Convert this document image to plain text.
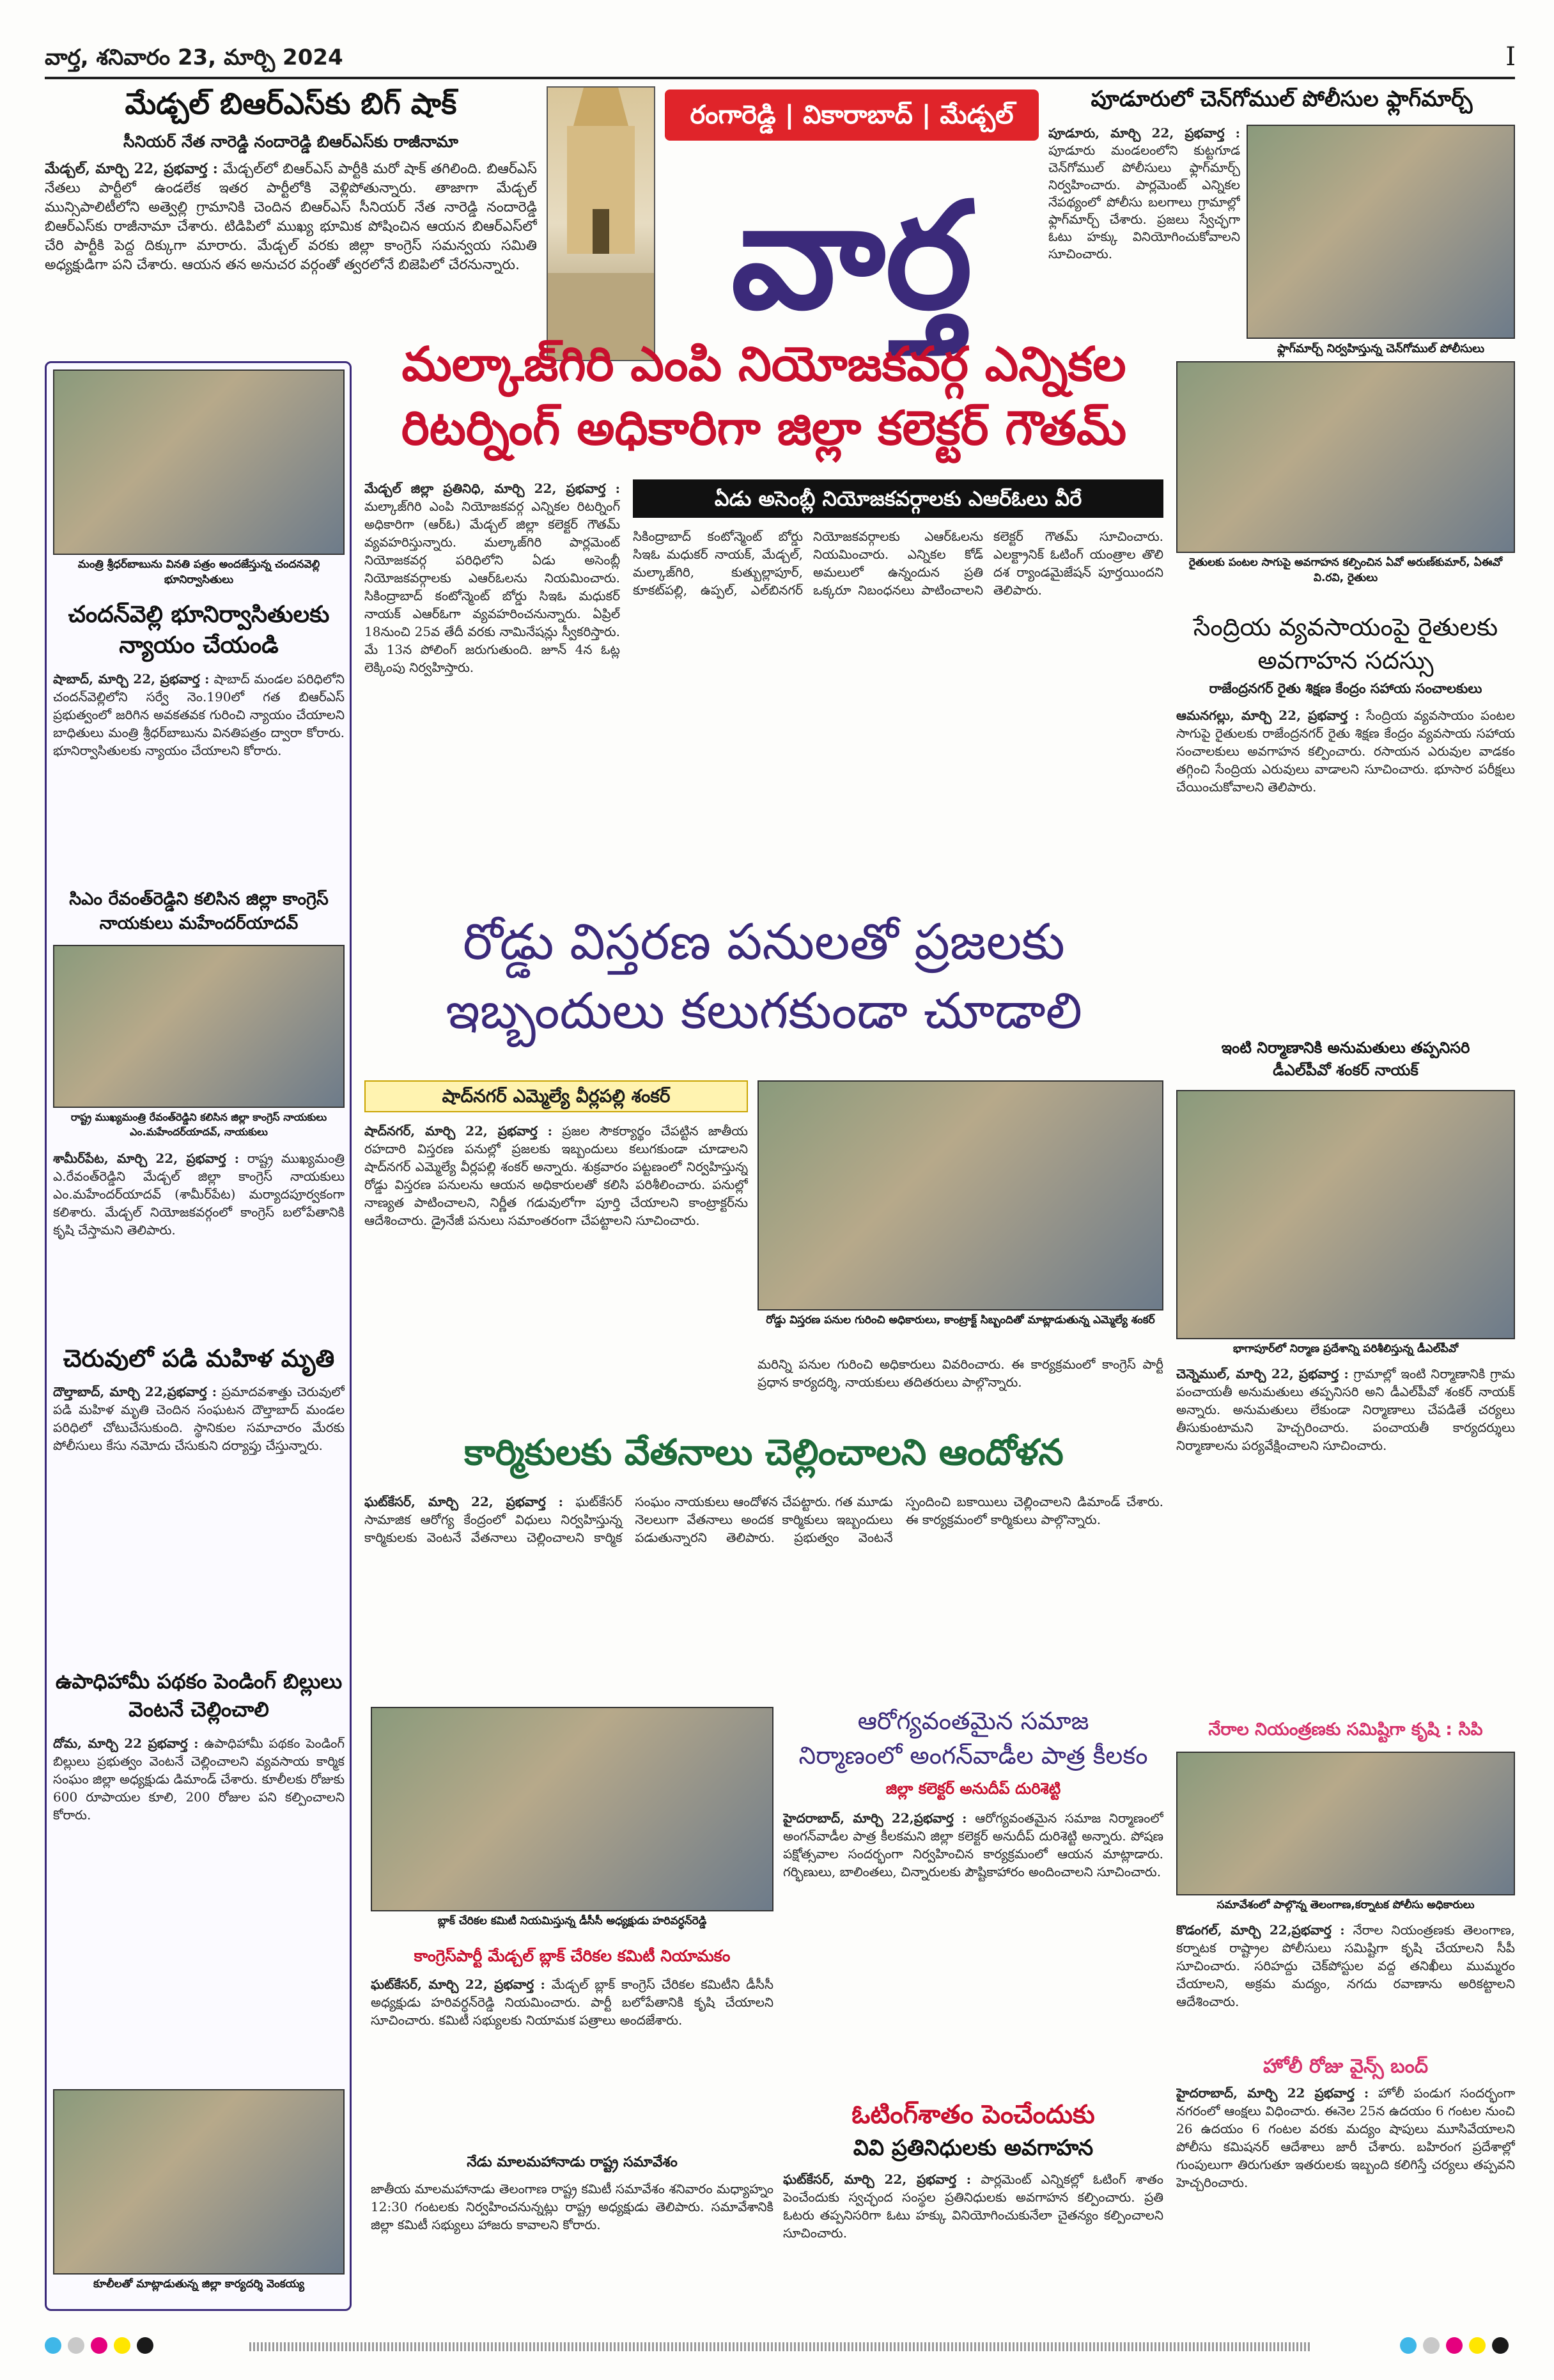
వార్త, శనివారం 23, మార్చి 2024	I
మేడ్చల్ బిఆర్‌ఎస్‌కు బిగ్ షాక్
సీనియర్ నేత నారెడ్డి నందారెడ్డి బిఆర్‌ఎస్‌కు రాజీనామా
మేడ్చల్, మార్చి 22, ప్రభవార్త : మేడ్చల్‌లో బిఆర్‌ఎస్ పార్టీకి మరో షాక్ తగిలింది. బిఆర్‌ఎస్ నేతలు పార్టీలో ఉండలేక ఇతర పార్టీలోకి వెళ్లిపోతున్నారు. తాజాగా మేడ్చల్ మున్సిపాలిటీలోని అత్వెల్లి గ్రామానికి చెందిన బిఆర్‌ఎస్ సీనియర్ నేత నారెడ్డి నందారెడ్డి బిఆర్‌ఎస్‌కు రాజీనామా చేశారు. టిడిపిలో ముఖ్య భూమిక పోషించిన ఆయన బిఆర్‌ఎస్‌లో చేరి పార్టీకి పెద్ద దిక్కుగా మారారు. మేడ్చల్ వరకు జిల్లా కాంగ్రెస్ సమన్వయ సమితి అధ్యక్షుడిగా పని చేశారు. ఆయన తన అనుచర వర్గంతో త్వరలోనే బిజెపిలో చేరనున్నారు.
రంగారెడ్డి | వికారాబాద్ | మేడ్చల్
వార్త
పూడూరులో చెన్‌గోముల్ పోలీసుల ఫ్లాగ్‌మార్చ్
పూడూరు, మార్చి 22, ప్రభవార్త : పూడూరు మండలంలోని కుట్టగూడ చెన్‌గోముల్ పోలీసులు ఫ్లాగ్‌మార్చ్ నిర్వహించారు. పార్లమెంట్ ఎన్నికల నేపథ్యంలో పోలీసు బలగాలు గ్రామాల్లో ఫ్లాగ్‌మార్చ్ చేశారు. ప్రజలు స్వేచ్ఛగా ఓటు హక్కు వినియోగించుకోవాలని సూచించారు.
ఫ్లాగ్‌మార్చ్ నిర్వహిస్తున్న చెన్‌గోముల్ పోలీసులు
మంత్రి శ్రీధర్‌బాబును వినతి పత్రం అందజేస్తున్న చందనవెల్లి భూనిర్వాసితులు
చందన్‌వెల్లి భూనిర్వాసితులకు న్యాయం చేయండి
షాబాద్, మార్చి 22, ప్రభవార్త : షాబాద్ మండల పరిధిలోని చందన్‌వెల్లిలోని సర్వే నెం.190లో గత బిఆర్‌ఎస్ ప్రభుత్వంలో జరిగిన అవకతవక గురించి న్యాయం చేయాలని బాధితులు మంత్రి శ్రీధర్‌బాబును వినతిపత్రం ద్వారా కోరారు. భూనిర్వాసితులకు న్యాయం చేయాలని కోరారు.
సిఎం రేవంత్‌రెడ్డిని కలిసిన జిల్లా కాంగ్రెస్ నాయకులు మహేందర్‌యాదవ్
రాష్ట్ర ముఖ్యమంత్రి రేవంత్‌రెడ్డిని కలిసిన జిల్లా కాంగ్రెస్ నాయకులు ఎం.మహేందర్‌యాదవ్, నాయకులు
శామీర్‌పేట, మార్చి 22, ప్రభవార్త : రాష్ట్ర ముఖ్యమంత్రి ఎ.రేవంత్‌రెడ్డిని మేడ్చల్ జిల్లా కాంగ్రెస్ నాయకులు ఎం.మహేందర్‌యాదవ్ (శామీర్‌పేట) మర్యాదపూర్వకంగా కలిశారు. మేడ్చల్ నియోజకవర్గంలో కాంగ్రెస్ బలోపేతానికి కృషి చేస్తామని తెలిపారు.
చెరువులో పడి మహిళ మృతి
దౌల్తాబాద్, మార్చి 22,ప్రభవార్త : ప్రమాదవశాత్తు చెరువులో పడి మహిళ మృతి చెందిన సంఘటన దౌల్తాబాద్ మండల పరిధిలో చోటుచేసుకుంది. స్థానికుల సమాచారం మేరకు పోలీసులు కేసు నమోదు చేసుకుని దర్యాప్తు చేస్తున్నారు.
ఉపాధిహామీ పథకం పెండింగ్ బిల్లులు వెంటనే చెల్లించాలి
దోమ, మార్చి 22 ప్రభవార్త : ఉపాధిహామీ పథకం పెండింగ్ బిల్లులు ప్రభుత్వం వెంటనే చెల్లించాలని వ్యవసాయ కార్మిక సంఘం జిల్లా అధ్యక్షుడు డిమాండ్ చేశారు. కూలీలకు రోజుకు 600 రూపాయల కూలి, 200 రోజుల పని కల్పించాలని కోరారు.
కూలీలతో మాట్లాడుతున్న జిల్లా కార్యదర్శి వెంకయ్య
మల్కాజ్‌గిరి ఎంపి నియోజకవర్గ ఎన్నికల
రిటర్నింగ్ అధికారిగా జిల్లా కలెక్టర్ గౌతమ్
మేడ్చల్ జిల్లా ప్రతినిధి, మార్చి 22, ప్రభవార్త : మల్కాజ్‌గిరి ఎంపి నియోజకవర్గ ఎన్నికల రిటర్నింగ్ అధికారిగా (ఆర్‌ఓ) మేడ్చల్ జిల్లా కలెక్టర్ గౌతమ్ వ్యవహరిస్తున్నారు. మల్కాజ్‌గిరి పార్లమెంట్ నియోజకవర్గ పరిధిలోని ఏడు అసెంబ్లీ నియోజకవర్గాలకు ఎఆర్‌ఓలను నియమించారు. సికింద్రాబాద్ కంటోన్మెంట్ బోర్డు సిఇఓ మధుకర్ నాయక్ ఎఆర్‌ఓగా వ్యవహరించనున్నారు. ఏప్రిల్ 18నుంచి 25వ తేదీ వరకు నామినేషన్లు స్వీకరిస్తారు. మే 13న పోలింగ్ జరుగుతుంది. జూన్ 4న ఓట్ల లెక్కింపు నిర్వహిస్తారు.
ఏడు అసెంబ్లీ నియోజకవర్గాలకు ఎఆర్‌ఓలు వీరే
సికింద్రాబాద్ కంటోన్మెంట్ బోర్డు సిఇఓ మధుకర్ నాయక్, మేడ్చల్, మల్కాజ్‌గిరి, కుత్బుల్లాపూర్, కూకట్‌పల్లి, ఉప్పల్, ఎల్‌బినగర్ నియోజకవర్గాలకు ఎఆర్‌ఓలను నియమించారు. ఎన్నికల కోడ్ అమలులో ఉన్నందున ప్రతి ఒక్కరూ నిబంధనలు పాటించాలని కలెక్టర్ గౌతమ్ సూచించారు. ఎలక్ట్రానిక్ ఓటింగ్ యంత్రాల తొలి దశ ర్యాండమైజేషన్ పూర్తయిందని తెలిపారు.
రైతులకు పంటల సాగుపై అవగాహన కల్పించిన ఏవో అరుణ్‌కుమార్, ఏఈవో వి.రవి, రైతులు
సేంద్రియ వ్యవసాయంపై రైతులకు అవగాహన సదస్సు
రాజేంద్రనగర్ రైతు శిక్షణ కేంద్రం సహాయ సంచాలకులు
ఆమనగల్లు, మార్చి 22, ప్రభవార్త : సేంద్రియ వ్యవసాయం పంటల సాగుపై రైతులకు రాజేంద్రనగర్ రైతు శిక్షణ కేంద్రం వ్యవసాయ సహాయ సంచాలకులు అవగాహన కల్పించారు. రసాయన ఎరువుల వాడకం తగ్గించి సేంద్రియ ఎరువులు వాడాలని సూచించారు. భూసార పరీక్షలు చేయించుకోవాలని తెలిపారు.
ఇంటి నిర్మాణానికి అనుమతులు తప్పనిసరి
డీఎల్‌పీవో శంకర్ నాయక్
భాగాపూర్‌లో నిర్మాణ ప్రదేశాన్ని పరిశీలిస్తున్న డీఎల్‌పీవో
చెన్నెముల్, మార్చి 22, ప్రభవార్త : గ్రామాల్లో ఇంటి నిర్మాణానికి గ్రామ పంచాయతీ అనుమతులు తప్పనిసరి అని డీఎల్‌పీవో శంకర్ నాయక్ అన్నారు. అనుమతులు లేకుండా నిర్మాణాలు చేపడితే చర్యలు తీసుకుంటామని హెచ్చరించారు. పంచాయతీ కార్యదర్శులు నిర్మాణాలను పర్యవేక్షించాలని సూచించారు.
నేరాల నియంత్రణకు సమిష్టిగా కృషి : సిపి
సమావేశంలో పాల్గొన్న తెలంగాణ,కర్నాటక పోలీసు అధికారులు
కొడంగల్, మార్చి 22,ప్రభవార్త : నేరాల నియంత్రణకు తెలంగాణ, కర్నాటక రాష్ట్రాల పోలీసులు సమిష్టిగా కృషి చేయాలని సీపీ సూచించారు. సరిహద్దు చెక్‌పోస్టుల వద్ద తనిఖీలు ముమ్మరం చేయాలని, అక్రమ మద్యం, నగదు రవాణాను అరికట్టాలని ఆదేశించారు.
హోలీ రోజు వైన్స్ బంద్
హైదరాబాద్, మార్చి 22 ప్రభవార్త : హోలీ పండుగ సందర్భంగా నగరంలో ఆంక్షలు విధించారు. ఈనెల 25న ఉదయం 6 గంటల నుంచి 26 ఉదయం 6 గంటల వరకు మద్యం షాపులు మూసివేయాలని పోలీసు కమిషనర్ ఆదేశాలు జారీ చేశారు. బహిరంగ ప్రదేశాల్లో గుంపులుగా తిరుగుతూ ఇతరులకు ఇబ్బంది కలిగిస్తే చర్యలు తప్పవని హెచ్చరించారు.
రోడ్డు విస్తరణ పనులతో ప్రజలకు
ఇబ్బందులు కలుగకుండా చూడాలి
షాద్‌నగర్ ఎమ్మెల్యే వీర్లపల్లి శంకర్
షాద్‌నగర్, మార్చి 22, ప్రభవార్త : ప్రజల సౌకర్యార్థం చేపట్టిన జాతీయ రహదారి విస్తరణ పనుల్లో ప్రజలకు ఇబ్బందులు కలుగకుండా చూడాలని షాద్‌నగర్ ఎమ్మెల్యే వీర్లపల్లి శంకర్ అన్నారు. శుక్రవారం పట్టణంలో నిర్వహిస్తున్న రోడ్డు విస్తరణ పనులను ఆయన అధికారులతో కలిసి పరిశీలించారు. పనుల్లో నాణ్యత పాటించాలని, నిర్ణీత గడువులోగా పూర్తి చేయాలని కాంట్రాక్టర్‌ను ఆదేశించారు. డ్రైనేజీ పనులు సమాంతరంగా చేపట్టాలని సూచించారు.
రోడ్డు విస్తరణ పనుల గురించి అధికారులు, కాంట్రాక్ట్ సిబ్బందితో మాట్లాడుతున్న ఎమ్మెల్యే శంకర్
మరిన్ని పనుల గురించి అధికారులు వివరించారు. ఈ కార్యక్రమంలో కాంగ్రెస్ పార్టీ ప్రధాన కార్యదర్శి, నాయకులు తదితరులు పాల్గొన్నారు.
కార్మికులకు వేతనాలు చెల్లించాలని ఆందోళన
ఘట్‌కేసర్, మార్చి 22, ప్రభవార్త : ఘట్‌కేసర్ సామాజిక ఆరోగ్య కేంద్రంలో విధులు నిర్వహిస్తున్న కార్మికులకు వెంటనే వేతనాలు చెల్లించాలని కార్మిక సంఘం నాయకులు ఆందోళన చేపట్టారు. గత మూడు నెలలుగా వేతనాలు అందక కార్మికులు ఇబ్బందులు పడుతున్నారని తెలిపారు. ప్రభుత్వం వెంటనే స్పందించి బకాయిలు చెల్లించాలని డిమాండ్ చేశారు. ఈ కార్యక్రమంలో కార్మికులు పాల్గొన్నారు.
బ్లాక్ చేరికల కమిటీ నియమిస్తున్న డీసీసీ అధ్యక్షుడు హరివర్ధన్‌రెడ్డి
కాంగ్రెస్‌పార్టీ మేడ్చల్ బ్లాక్ చేరికల కమిటీ నియామకం
ఘట్‌కేసర్, మార్చి 22, ప్రభవార్త : మేడ్చల్ బ్లాక్ కాంగ్రెస్ చేరికల కమిటీని డీసీసీ అధ్యక్షుడు హరివర్ధన్‌రెడ్డి నియమించారు. పార్టీ బలోపేతానికి కృషి చేయాలని సూచించారు. కమిటీ సభ్యులకు నియామక పత్రాలు అందజేశారు.
నేడు మాలమహానాడు రాష్ట్ర సమావేశం
జాతీయ మాలమహానాడు తెలంగాణ రాష్ట్ర కమిటీ సమావేశం శనివారం మధ్యాహ్నం 12:30 గంటలకు నిర్వహించనున్నట్లు రాష్ట్ర అధ్యక్షుడు తెలిపారు. సమావేశానికి జిల్లా కమిటీ సభ్యులు హాజరు కావాలని కోరారు.
ఆరోగ్యవంతమైన సమాజ
నిర్మాణంలో అంగన్‌వాడీల పాత్ర కీలకం
జిల్లా కలెక్టర్ అనుదీప్ దురిశెట్టి
హైదరాబాద్, మార్చి 22,ప్రభవార్త : ఆరోగ్యవంతమైన సమాజ నిర్మాణంలో అంగన్‌వాడీల పాత్ర కీలకమని జిల్లా కలెక్టర్ అనుదీప్ దురిశెట్టి అన్నారు. పోషణ పక్షోత్సవాల సందర్భంగా నిర్వహించిన కార్యక్రమంలో ఆయన మాట్లాడారు. గర్భిణులు, బాలింతలు, చిన్నారులకు పౌష్టికాహారం అందించాలని సూచించారు.
ఓటింగ్‌శాతం పెంచేందుకు
వివి ప్రతినిధులకు అవగాహన
ఘట్‌కేసర్, మార్చి 22, ప్రభవార్త : పార్లమెంట్ ఎన్నికల్లో ఓటింగ్ శాతం పెంచేందుకు స్వచ్ఛంద సంస్థల ప్రతినిధులకు అవగాహన కల్పించారు. ప్రతి ఓటరు తప్పనిసరిగా ఓటు హక్కు వినియోగించుకునేలా చైతన్యం కల్పించాలని సూచించారు.
